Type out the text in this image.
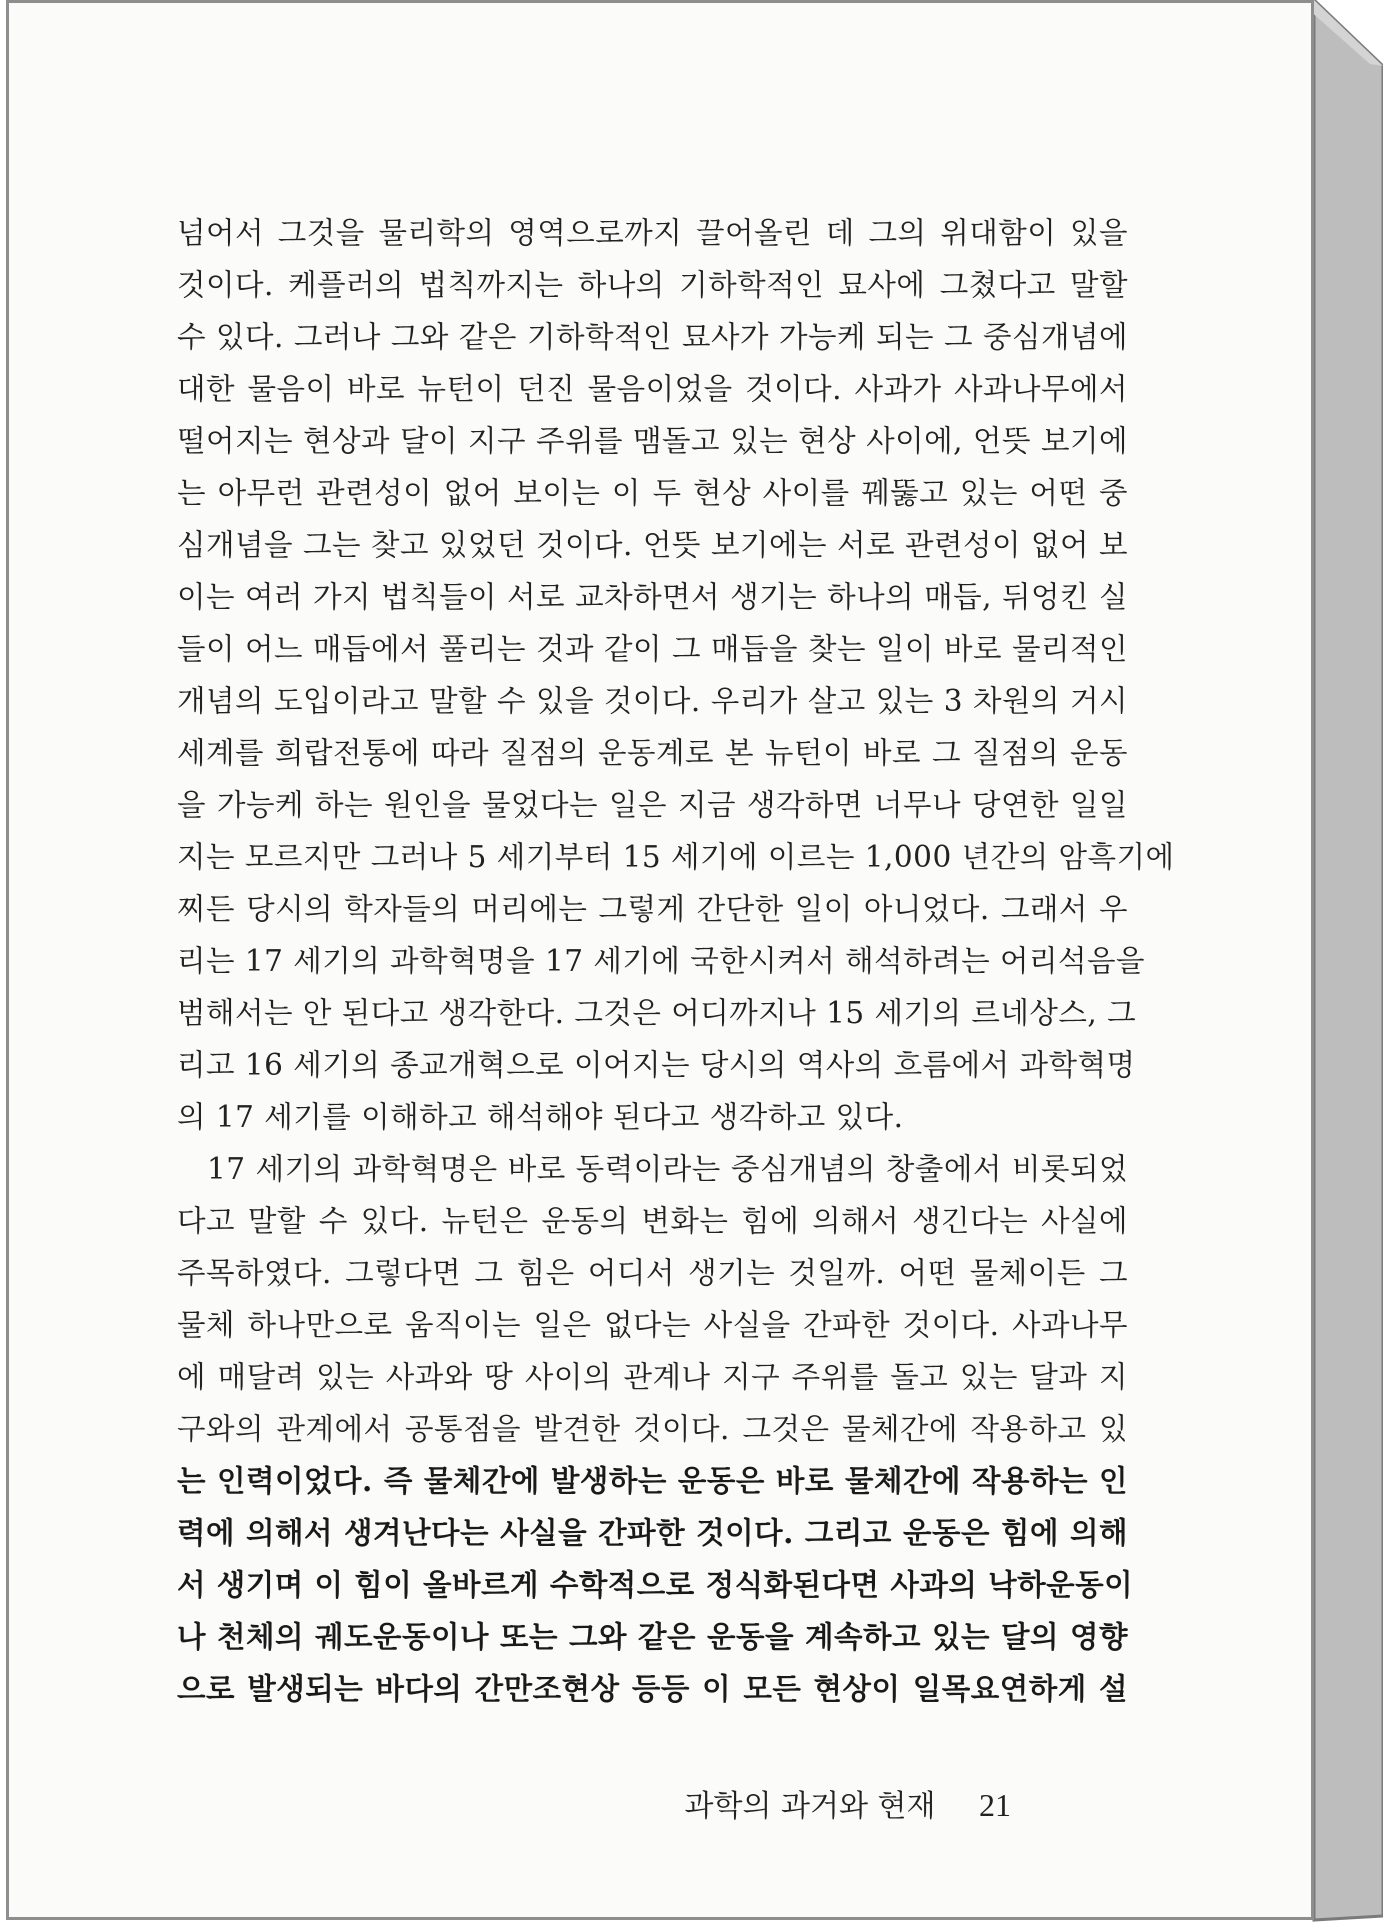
넘어서 그것을 물리학의 영역으로까지 끌어올린 데 그의 위대함이 있을
것이다. 케플러의 법칙까지는 하나의 기하학적인 묘사에 그쳤다고 말할
수 있다. 그러나 그와 같은 기하학적인 묘사가 가능케 되는 그 중심개념에
대한 물음이 바로 뉴턴이 던진 물음이었을 것이다. 사과가 사과나무에서
떨어지는 현상과 달이 지구 주위를 맴돌고 있는 현상 사이에, 언뜻 보기에
는 아무런 관련성이 없어 보이는 이 두 현상 사이를 꿰뚫고 있는 어떤 중
심개념을 그는 찾고 있었던 것이다. 언뜻 보기에는 서로 관련성이 없어 보
이는 여러 가지 법칙들이 서로 교차하면서 생기는 하나의 매듭, 뒤엉킨 실
들이 어느 매듭에서 풀리는 것과 같이 그 매듭을 찾는 일이 바로 물리적인
개념의 도입이라고 말할 수 있을 것이다. 우리가 살고 있는 3 차원의 거시
세계를 희랍전통에 따라 질점의 운동계로 본 뉴턴이 바로 그 질점의 운동
을 가능케 하는 원인을 물었다는 일은 지금 생각하면 너무나 당연한 일일
지는 모르지만 그러나 5 세기부터 15 세기에 이르는 1,000 년간의 암흑기에
찌든 당시의 학자들의 머리에는 그렇게 간단한 일이 아니었다. 그래서 우
리는 17 세기의 과학혁명을 17 세기에 국한시켜서 해석하려는 어리석음을
범해서는 안 된다고 생각한다. 그것은 어디까지나 15 세기의 르네상스, 그
리고 16 세기의 종교개혁으로 이어지는 당시의 역사의 흐름에서 과학혁명
의 17 세기를 이해하고 해석해야 된다고 생각하고 있다.
17 세기의 과학혁명은 바로 동력이라는 중심개념의 창출에서 비롯되었
다고 말할 수 있다. 뉴턴은 운동의 변화는 힘에 의해서 생긴다는 사실에
주목하였다. 그렇다면 그 힘은 어디서 생기는 것일까. 어떤 물체이든 그
물체 하나만으로 움직이는 일은 없다는 사실을 간파한 것이다. 사과나무
에 매달려 있는 사과와 땅 사이의 관계나 지구 주위를 돌고 있는 달과 지
구와의 관계에서 공통점을 발견한 것이다. 그것은 물체간에 작용하고 있
는 인력이었다. 즉 물체간에 발생하는 운동은 바로 물체간에 작용하는 인
력에 의해서 생겨난다는 사실을 간파한 것이다. 그리고 운동은 힘에 의해
서 생기며 이 힘이 올바르게 수학적으로 정식화된다면 사과의 낙하운동이
나 천체의 궤도운동이나 또는 그와 같은 운동을 계속하고 있는 달의 영향
으로 발생되는 바다의 간만조현상 등등 이 모든 현상이 일목요연하게 설
과학의 과거와 현재 21
